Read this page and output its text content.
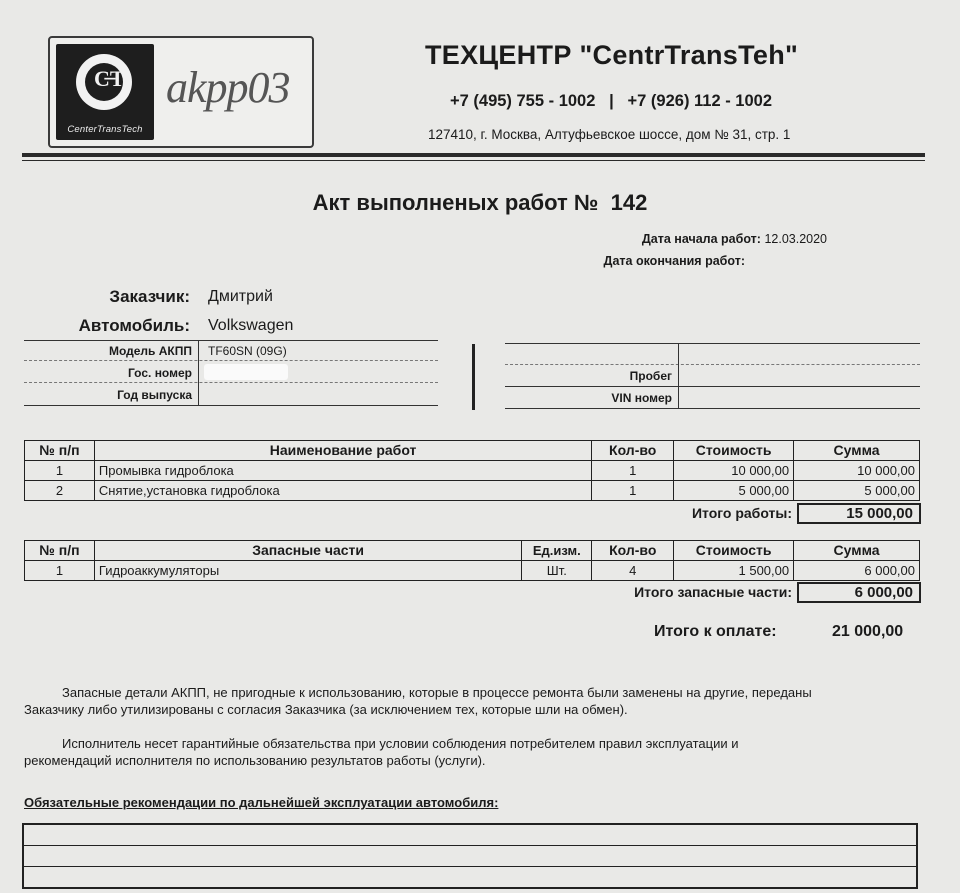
C̶T
CenterTransTech
akpp03
ТЕХЦЕНТР "CentrTransTeh"
+7 (495) 755 - 1002   |   +7 (926) 112 - 1002
127410, г. Москва, Алтуфьевское шоссе, дом № 31, стр. 1
Акт выполненых работ №  142
Дата начала работ: 12.03.2020
Дата окончания работ:
Заказчик: Дмитрий
Автомобиль: Volkswagen
Модель АКПП TF60SN (09G)
Гос. номер
Год выпуска
Пробег
VIN номер
№ п/п	Наименование работ	Кол-во	Стоимость	Сумма
1	Промывка гидроблока	1	10 000,00	10 000,00
2	Снятие,установка гидроблока	1	5 000,00	5 000,00
Итого работы:	15 000,00
№ п/п	Запасные части	Ед.изм.	Кол-во	Стоимость	Сумма
1	Гидроаккумуляторы	Шт.	4	1 500,00	6 000,00
Итого запасные части:	6 000,00
Итого к оплате:	21 000,00
Запасные детали АКПП, не пригодные к использованию, которые в процессе ремонта были заменены на другие, переданы
Заказчику либо утилизированы с согласия Заказчика (за исключением тех, которые шли на обмен).
Исполнитель несет гарантийные обязательства при условии соблюдения потребителем правил эксплуатации и
рекомендаций исполнителя по использованию результатов работы (услуги).
Обязательные рекомендации по дальнейшей эксплуатации автомобиля:
